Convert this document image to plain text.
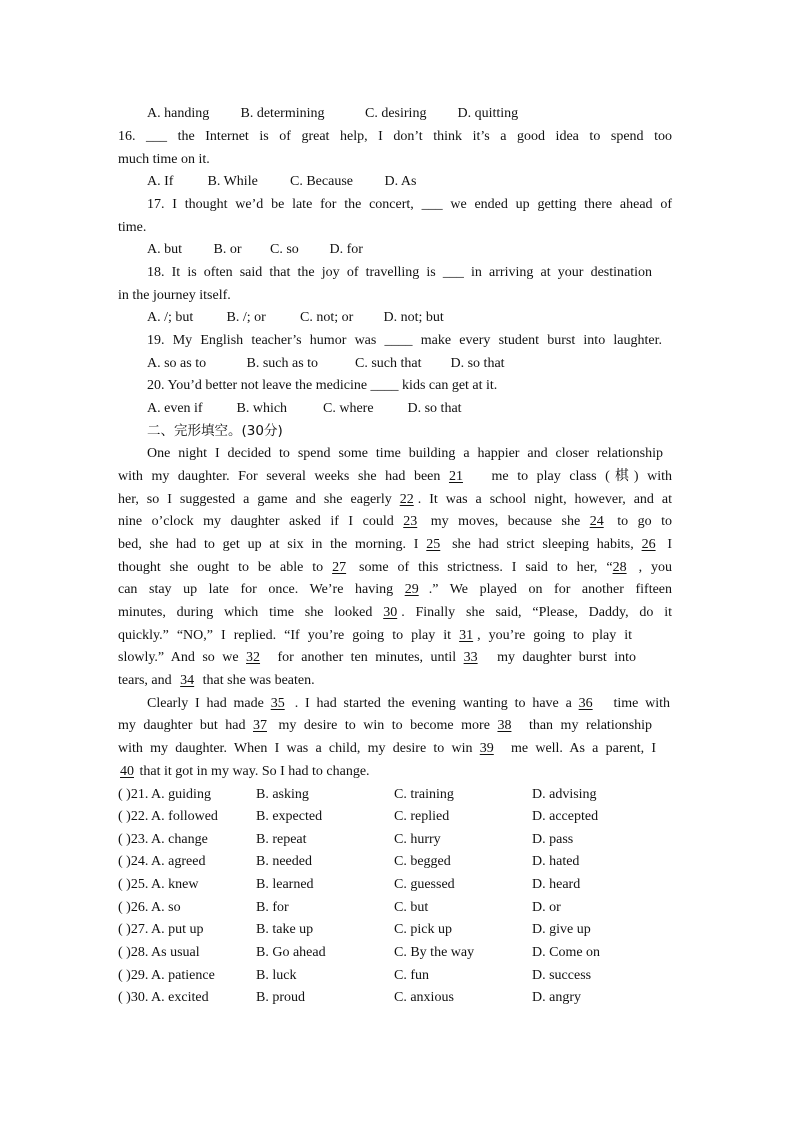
A. handing B. determining	C. desiring D. quitting
16. ___ the Internet is of great help, I don’t think it’s a good idea to spend too
much time on it.
A. If B. While C. Because D. As
17. I thought we’d be late for the concert, ___ we ended up getting there ahead of
time.
A. but B. or C. so D. for
18. It is often said that the joy of travelling is ___ in arriving at your destination
in the journey itself.
A. /; but B. /; or C. not; or D. not; but
19. My English teacher’s humor was ____ make every student burst into laughter.
A. so as to	B. such as to	C. such that D. so that
20. You’d better not leave the medicine ____ kids can get at it.
A. even if B. which	C. where D. so that
二、完形填空。(30分)
One night I decided to spend some time building a happier and closer relationship
with my daughter. For several weeks she had been 21 me to play class (棋) with
her, so I suggested a game and she eagerly 22 . It was a school night, however, and at
nine o’clock my daughter asked if I could 23 my moves, because she 24 to go to
bed, she had to get up at six in the morning. I 25 she had strict sleeping habits, 26 I
thought she ought to be able to 27 some of this strictness. I said to her, “28 , you
can stay up late for once. We’re having 29 .” We played on for another fifteen
minutes, during which time she looked 30 . Finally she said, “Please, Daddy, do it
quickly.” “NO,” I replied. “If you’re going to play it 31 , you’re going to play it
slowly.” And so we 32 for another ten minutes, until 33 my daughter burst into
tears, and 34 that she was beaten.
Clearly I had made 35 . I had started the evening wanting to have a 36 time with
my daughter but had 37 my desire to win to become more 38 than my relationship
with my daughter. When I was a child, my desire to win 39 me well. As a parent, I
40 that it got in my way. So I had to change.
( )21. A. guiding	B. asking	C. training	D. advising
( )22. A. followed	B. expected	C. replied	D. accepted
( )23. A. change	B. repeat	C. hurry	D. pass
( )24. A. agreed	B. needed	C. begged	D. hated
( )25. A. knew	B. learned	C. guessed	D. heard
( )26. A. so	B. for	C. but	D. or
( )27. A. put up	B. take up	C. pick up	D. give up
( )28. As usual	B. Go ahead	C. By the way	D. Come on
( )29. A. patience	B. luck	C. fun	D. success
( )30. A. excited	B. proud	C. anxious	D. angry
